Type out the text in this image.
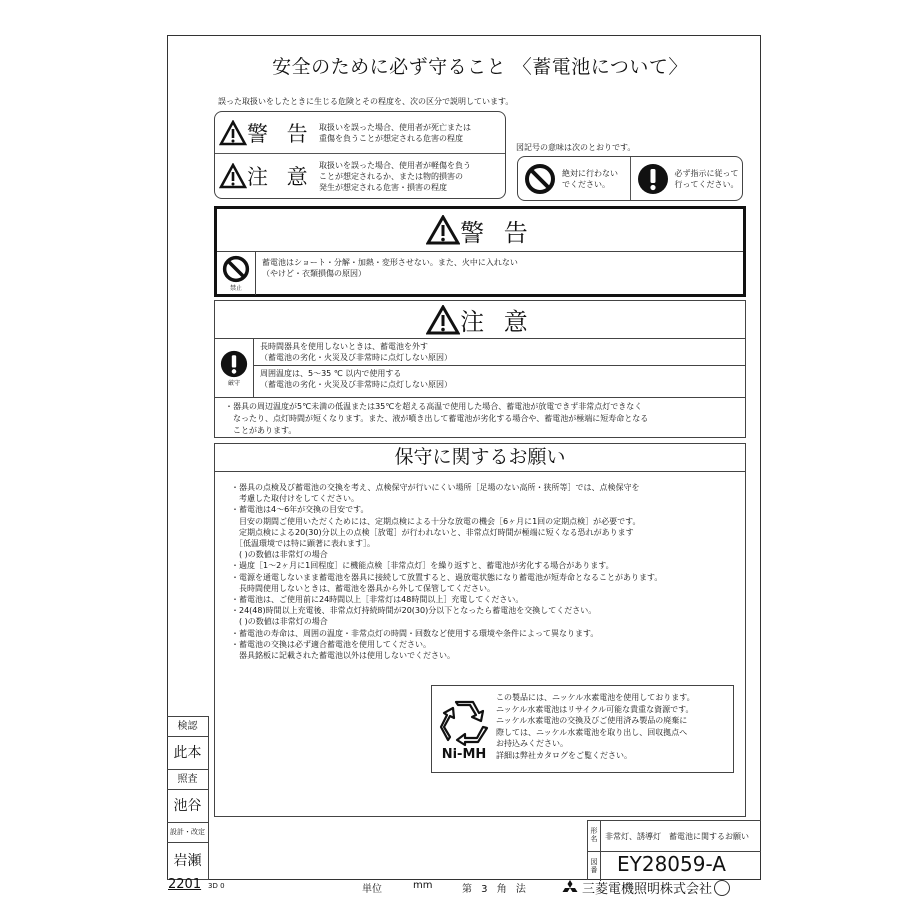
安全のために必ず守ること 〈蓄電池について〉
誤った取扱いをしたときに生じる危険とその程度を、次の区分で説明しています。
警 告 取扱いを誤った場合、使用者が死亡または
重傷を負うことが想定される危害の程度
注 意 取扱いを誤った場合、使用者が軽傷を負う
ことが想定されるか、または物的損害の
発生が想定される危害・損害の程度
図記号の意味は次のとおりです。
絶対に行わない
でください。
必ず指示に従って
行ってください。
警 告
禁止
蓄電池はショート・分解・加熱・変形させない。また、火中に入れない
（やけど・衣類損傷の原因）
注 意
厳守
長時間器具を使用しないときは、蓄電池を外す
（蓄電池の劣化・火災及び非常時に点灯しない原因）
周囲温度は、5～35 ℃ 以内で使用する
（蓄電池の劣化・火災及び非常時に点灯しない原因）
・器具の周辺温度が5℃未満の低温または35℃を超える高温で使用した場合、蓄電池が放電できず非常点灯できなく
なったり、点灯時間が短くなります。また、液が噴き出して蓄電池が劣化する場合や、蓄電池が極端に短寿命となる
ことがあります。
保守に関するお願い
・器具の点検及び蓄電池の交換を考え、点検保守が行いにくい場所［足場のない高所・狭所等］では、点検保守を
　考慮した取付けをしてください。
・蓄電池は4～6年が交換の目安です。
　目安の期間ご使用いただくためには、定期点検による十分な放電の機会［6ヶ月に1回の定期点検］が必要です。
　定期点検による20(30)分以上の点検［放電］が行われないと、非常点灯時間が極端に短くなる恐れがあります
　［低温環境では特に顕著に表れます］。
　( )の数値は非常灯の場合
・過度［1～2ヶ月に1回程度］に機能点検［非常点灯］を繰り返すと、蓄電池が劣化する場合があります。
・電源を通電しないまま蓄電池を器具に接続して放置すると、過放電状態になり蓄電池が短寿命となることがあります。
　長時間使用しないときは、蓄電池を器具から外して保管してください。
・蓄電池は、ご使用前に24時間以上［非常灯は48時間以上］充電してください。
・24(48)時間以上充電後、非常点灯持続時間が20(30)分以下となったら蓄電池を交換してください。
　( )の数値は非常灯の場合
・蓄電池の寿命は、周囲の温度・非常点灯の時間・回数など使用する環境や条件によって異なります。
・蓄電池の交換は必ず適合蓄電池を使用してください。
　器具銘板に記載された蓄電池以外は使用しないでください。
Ni-MH
この製品には、ニッケル水素電池を使用しております。
ニッケル水素電池はリサイクル可能な貴重な資源です。
ニッケル水素電池の交換及びご使用済み製品の廃棄に
際しては、ニッケル水素電池を取り出し、回収拠点へ
お持込みください。
詳細は弊社カタログをご覧ください。
検認
此本
照査
池谷
設計・改定
岩瀬
形名 非常灯、誘導灯　蓄電池に関するお願い
図番 EY28059-A
2201 3D 0	単位	mm	第 3 角 法	三菱電機照明株式会社
